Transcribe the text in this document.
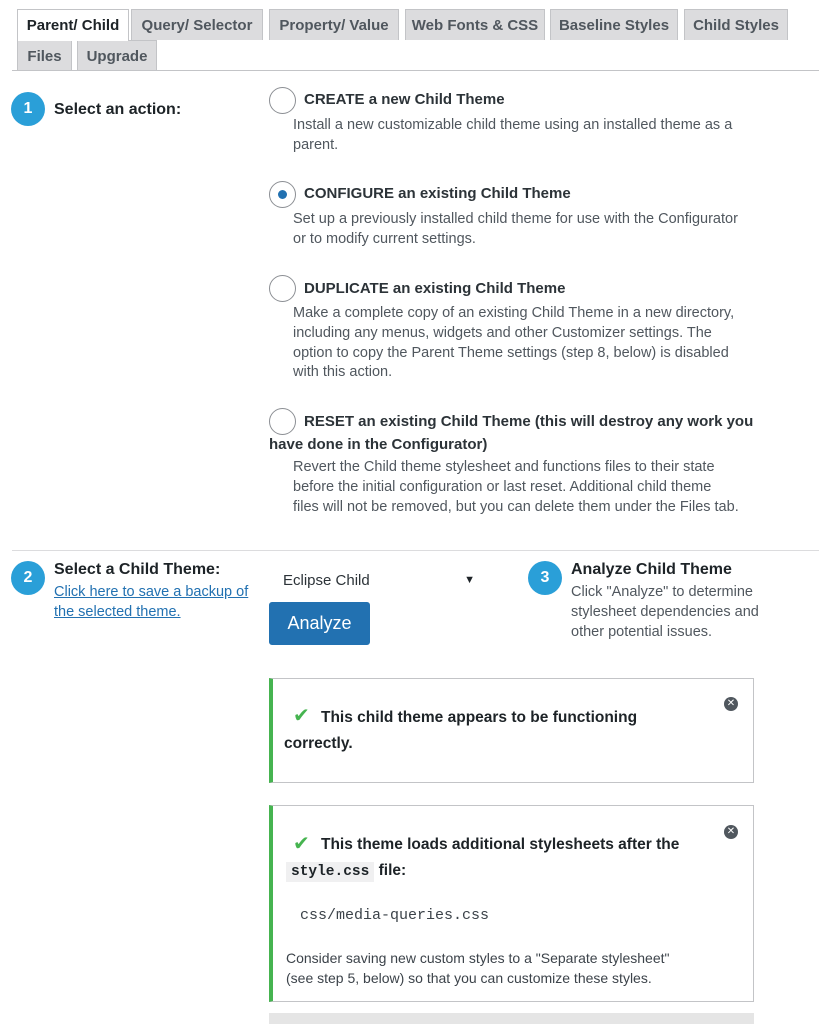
Parent/ Child	Query/ Selector	Property/ Value	Web Fonts & CSS	Baseline Styles	Child Styles
Files	Upgrade
1	Select an action:
CREATE a new Child Theme
Install a new customizable child theme using an installed theme as a
parent.
CONFIGURE an existing Child Theme
Set up a previously installed child theme for use with the Configurator
or to modify current settings.
DUPLICATE an existing Child Theme
Make a complete copy of an existing Child Theme in a new directory,
including any menus, widgets and other Customizer settings. The
option to copy the Parent Theme settings (step 8, below) is disabled
with this action.
RESET an existing Child Theme (this will destroy any work you
have done in the Configurator)
Revert the Child theme stylesheet and functions files to their state
before the initial configuration or last reset. Additional child theme
files will not be removed, but you can delete them under the Files tab.
2	Select a Child Theme:
Click here to save a backup of
the selected theme.
Eclipse Child	▼
Analyze
3	Analyze Child Theme
Click "Analyze" to determine
stylesheet dependencies and
other potential issues.
✔
✕
This child theme appears to be functioning
correctly.
✔
✕
This theme loads additional stylesheets after the
style.css file:
css/media-queries.css
Consider saving new custom styles to a "Separate stylesheet"
(see step 5, below) so that you can customize these styles.
